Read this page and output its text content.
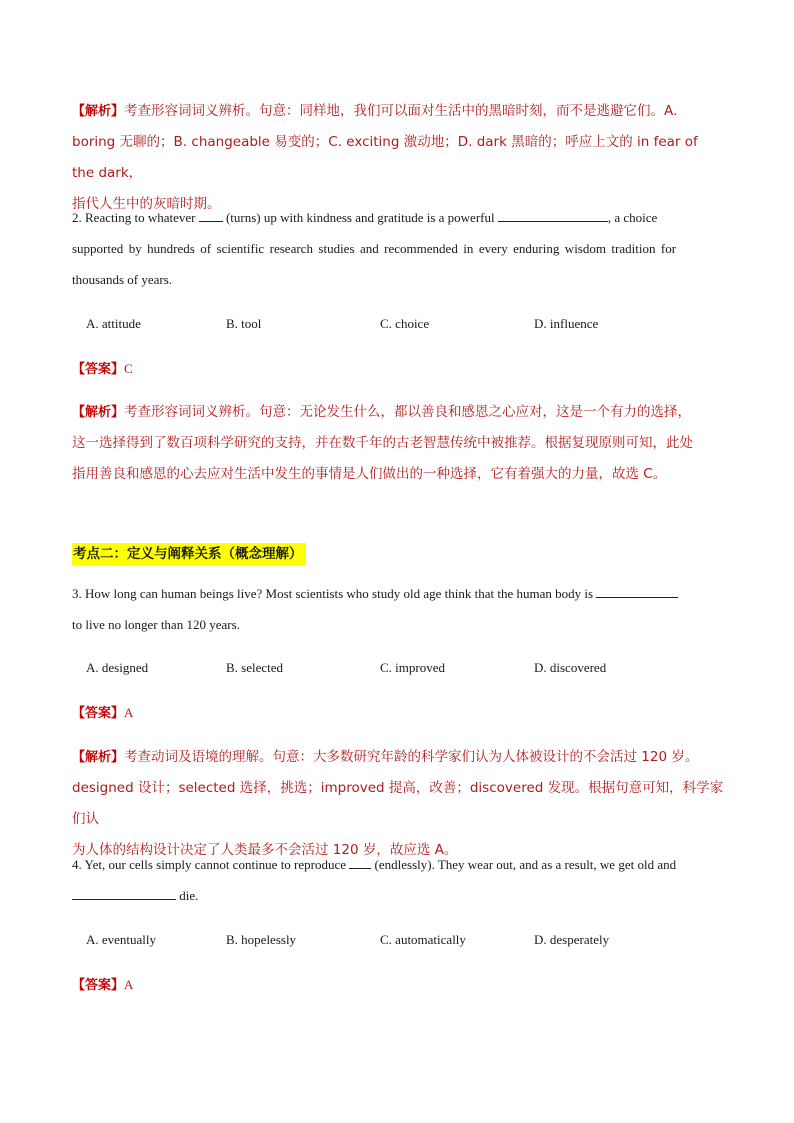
【解析】考查形容词词义辨析。句意：同样地，我们可以面对生活中的黑暗时刻，而不是逃避它们。A.
boring 无聊的；B. changeable 易变的；C. exciting 激动地；D. dark 黑暗的；呼应上文的 in fear of the dark，
指代人生中的灰暗时期。
2. Reacting to whatever (turns) up with kindness and gratitude is a powerful	, a choice
supported by hundreds of scientific research studies and recommended in every enduring wisdom tradition for
thousands of years.
A. attitude	B. tool	C. choice	D. influence
【答案】C
【解析】考查形容词词义辨析。句意：无论发生什么，都以善良和感恩之心应对，这是一个有力的选择，
这一选择得到了数百项科学研究的支持，并在数千年的古老智慧传统中被推荐。根据复现原则可知，此处
指用善良和感恩的心去应对生活中发生的事情是人们做出的一种选择，它有着强大的力量，故选 C。
考点二：定义与阐释关系（概念理解）
3. How long can human beings live? Most scientists who study old age think that the human body is
to live no longer than 120 years.
A. designed	B. selected	C. improved	D. discovered
【答案】A
【解析】考查动词及语境的理解。句意：大多数研究年龄的科学家们认为人体被设计的不会活过 120 岁。
designed 设计；selected 选择，挑选；improved 提高，改善；discovered 发现。根据句意可知，科学家们认
为人体的结构设计决定了人类最多不会活过 120 岁，故应选 A。
4. Yet, our cells simply cannot continue to reproduce (endlessly). They wear out, and as a result, we get old and
die.
A. eventually	B. hopelessly	C. automatically	D. desperately
【答案】A
